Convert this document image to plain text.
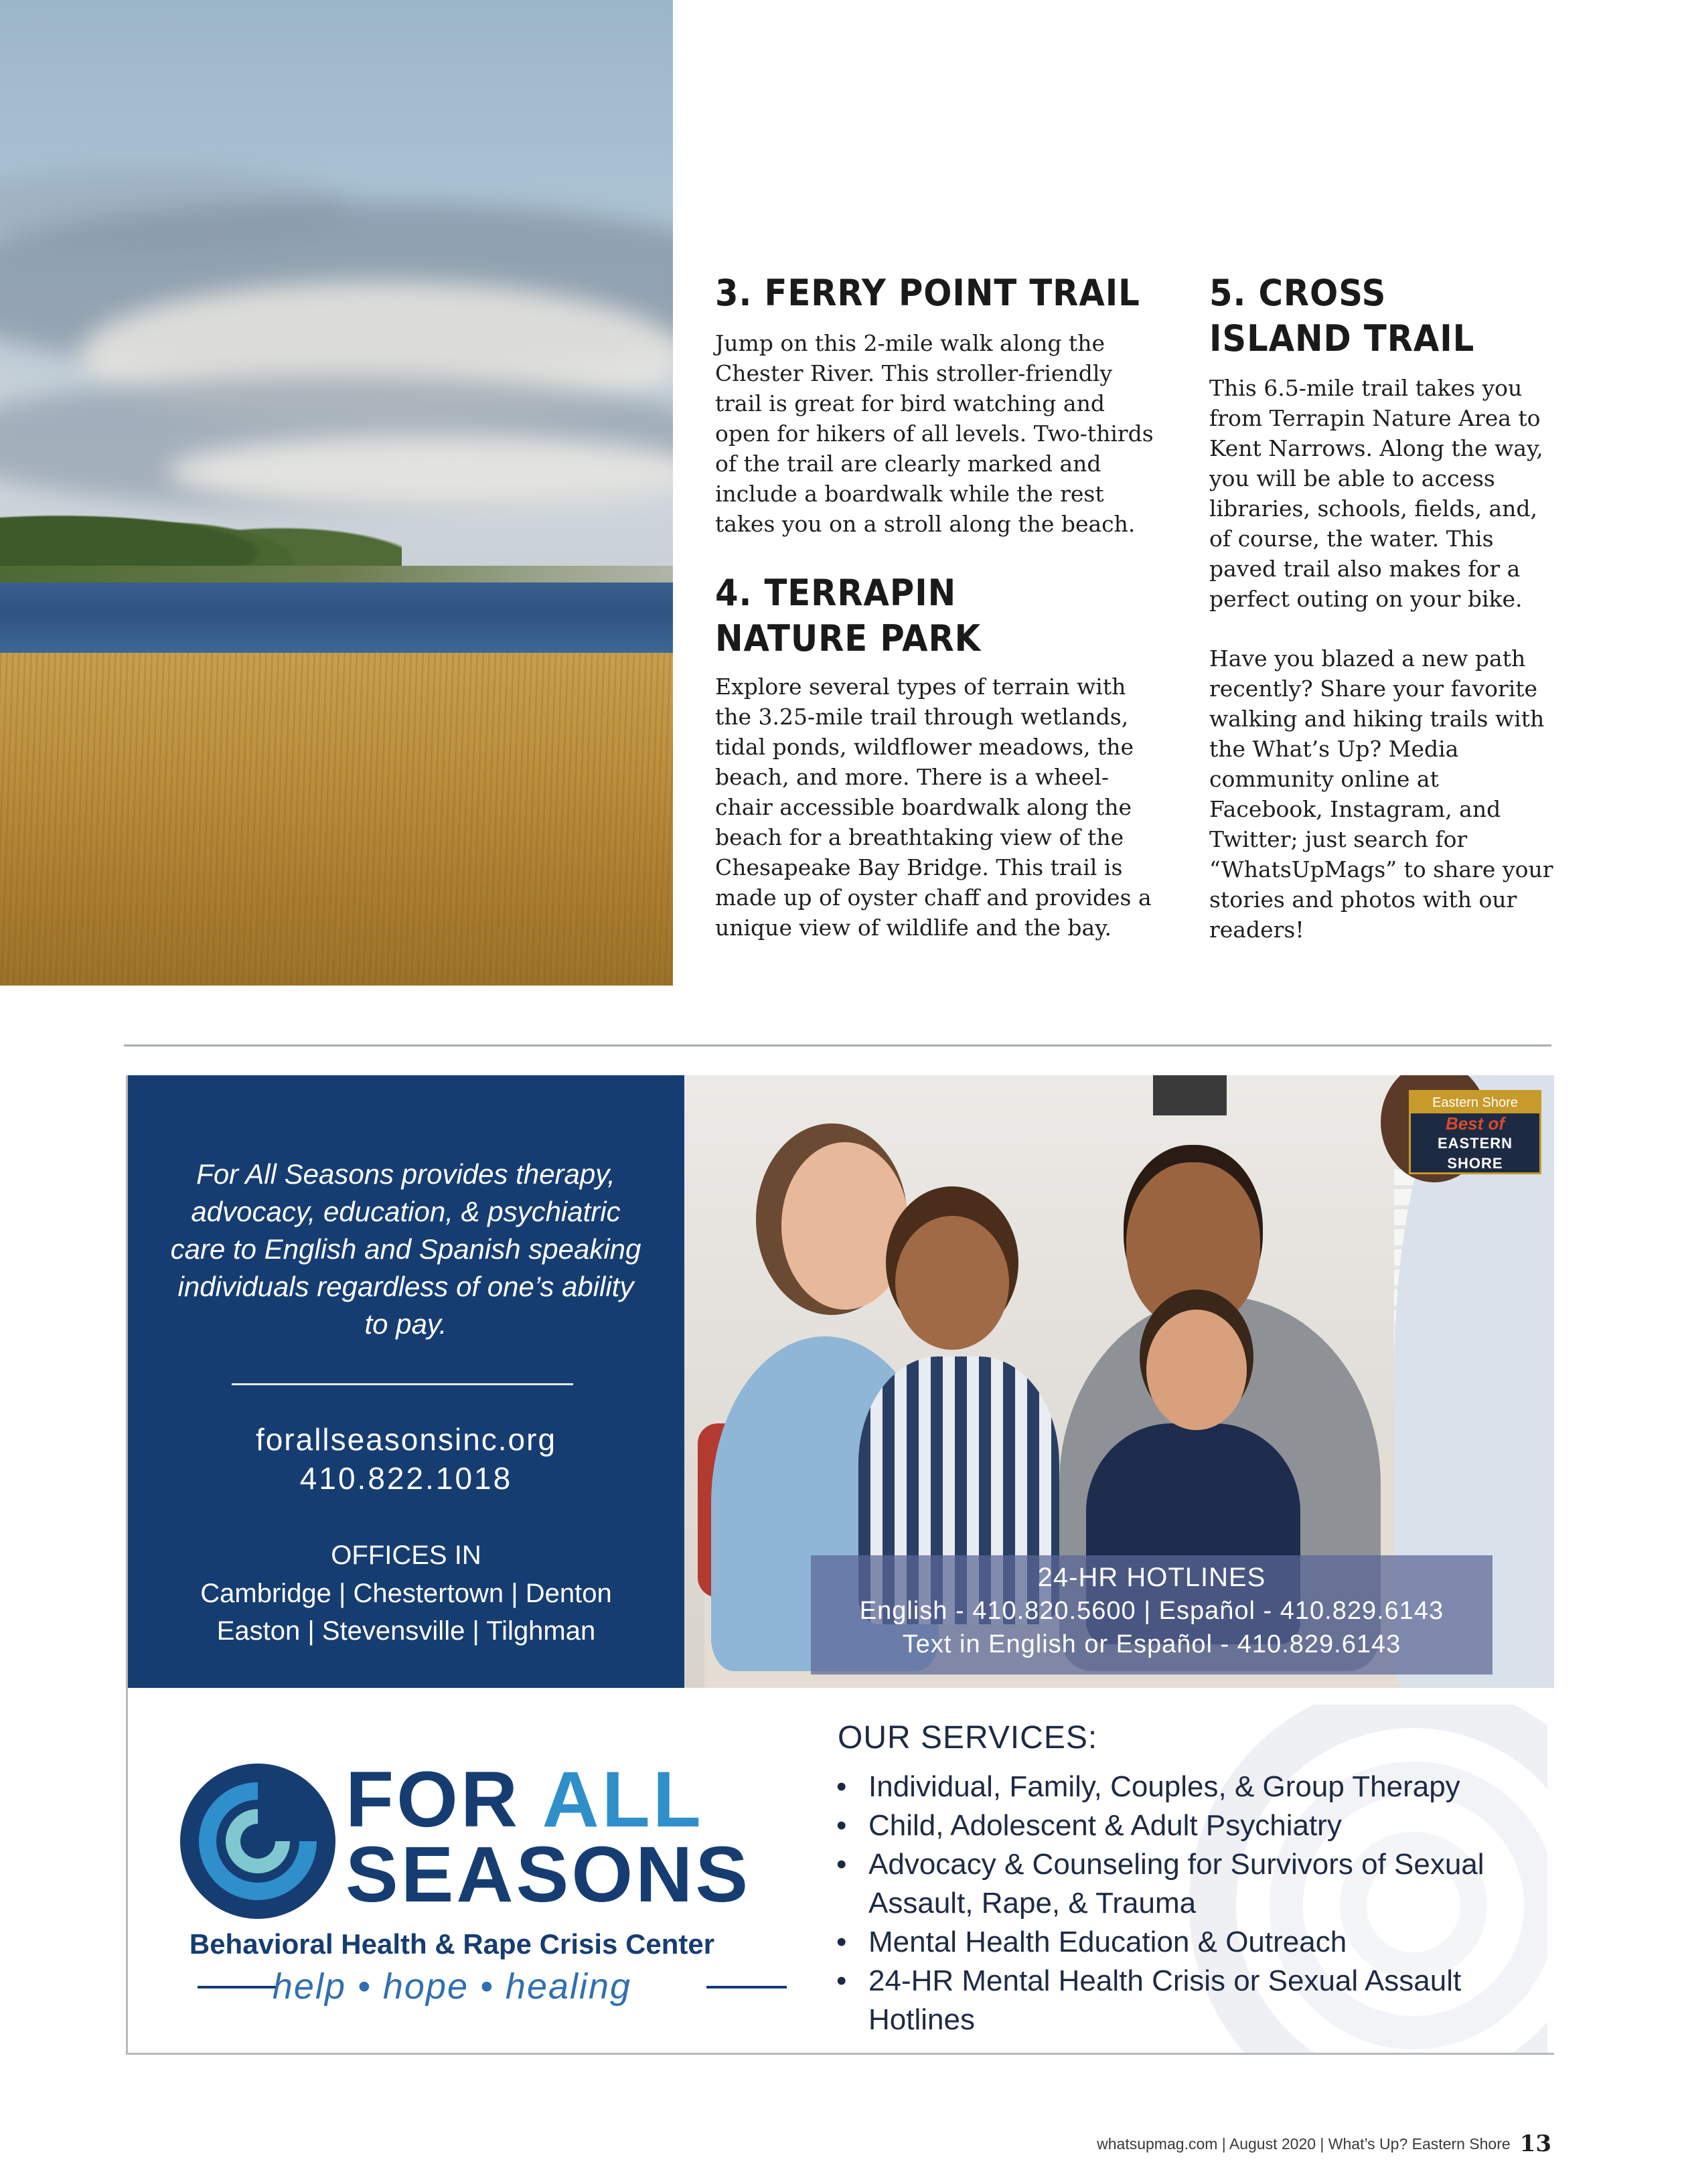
3. FERRY POINT TRAIL

Jump on this 2-mile walk along the Chester River. This stroller-friendly trail is great for bird watching and open for hikers of all levels. Two-thirds of the trail are clearly marked and include a boardwalk while the rest takes you on a stroll along the beach.

4. TERRAPIN NATURE PARK

Explore several types of terrain with the 3.25-mile trail through wetlands, tidal ponds, wildflower meadows, the beach, and more. There is a wheel-chair accessible boardwalk along the beach for a breathtaking view of the Chesapeake Bay Bridge. This trail is made up of oyster chaff and provides a unique view of wildlife and the bay.

5. CROSS ISLAND TRAIL

This 6.5-mile trail takes you from Terrapin Nature Area to Kent Narrows. Along the way, you will be able to access libraries, schools, fields, and, of course, the water. This paved trail also makes for a perfect outing on your bike.

Have you blazed a new path recently? Share your favorite walking and hiking trails with the What’s Up? Media community online at Facebook, Instagram, and Twitter; just search for “WhatsUpMags” to share your stories and photos with our readers!

For All Seasons provides therapy, advocacy, education, & psychiatric care to English and Spanish speaking individuals regardless of one’s ability to pay.
forallseasonsinc.org
410.822.1018
OFFICES IN
Cambridge | Chestertown | Denton
Easton | Stevensville | Tilghman
Eastern Shore
Best of
EASTERN SHORE
24-HR HOTLINES
English - 410.820.5600 | Español - 410.829.6143
Text in English or Español - 410.829.6143

FOR ALL

SEASONS

Behavioral Health & Rape Crisis Center

help • hope • healing

OUR SERVICES:

• Individual, Family, Couples, & Group Therapy
• Child, Adolescent & Adult Psychiatry
• Advocacy & Counseling for Survivors of Sexual Assault, Rape, & Trauma
• Mental Health Education & Outreach
• 24-HR Mental Health Crisis or Sexual Assault Hotlines
whatsupmag.com | August 2020 | What’s Up? Eastern Shore 13
